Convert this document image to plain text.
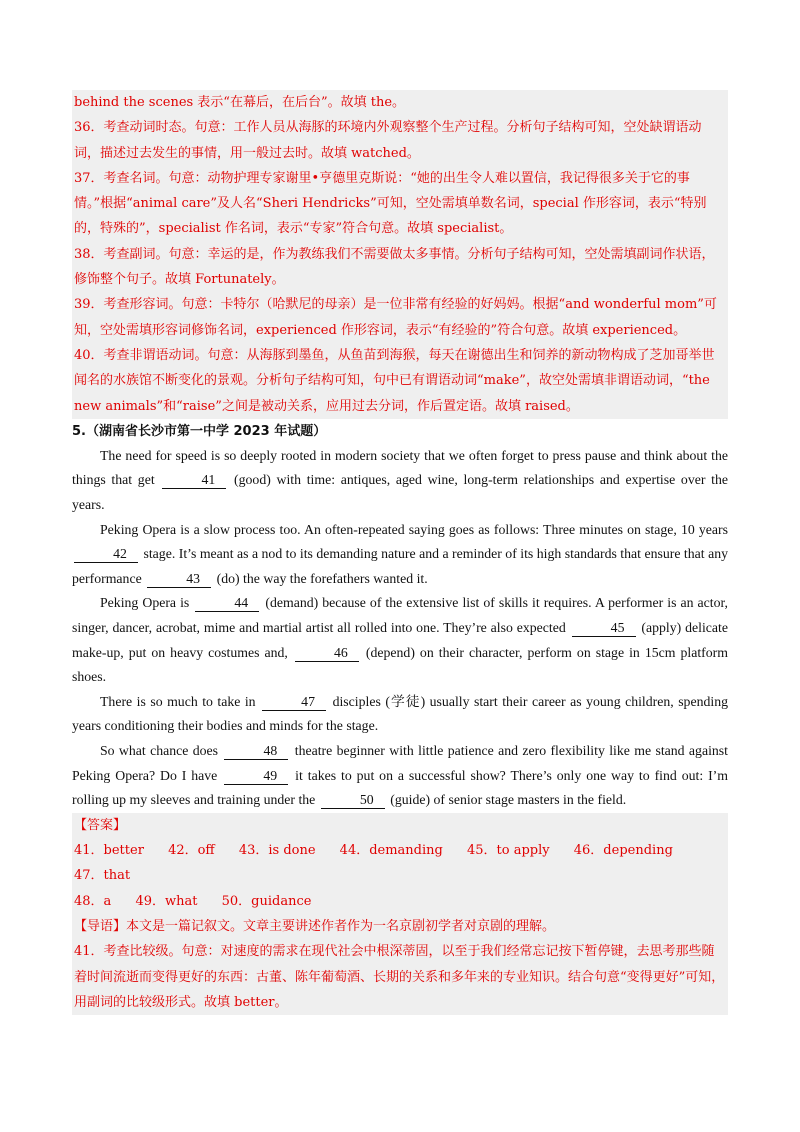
behind the scenes 表示“在幕后，在后台”。故填 the。

36．考查动词时态。句意：工作人员从海豚的环境内外观察整个生产过程。分析句子结构可知，空处缺谓语动词，描述过去发生的事情，用一般过去时。故填 watched。

37．考查名词。句意：动物护理专家谢里•亨德里克斯说：“她的出生令人难以置信，我记得很多关于它的事情。”根据“animal care”及人名“Sheri Hendricks”可知，空处需填单数名词，special 作形容词，表示“特别的，特殊的”，specialist 作名词，表示“专家”符合句意。故填 specialist。

38．考查副词。句意：幸运的是，作为教练我们不需要做太多事情。分析句子结构可知，空处需填副词作状语，修饰整个句子。故填 Fortunately。

39．考查形容词。句意：卡特尔（哈默尼的母亲）是一位非常有经验的好妈妈。根据“and wonderful mom”可知，空处需填形容词修饰名词，experienced 作形容词，表示“有经验的”符合句意。故填 experienced。

40．考查非谓语动词。句意：从海豚到墨鱼，从鱼苗到海猴，每天在谢德出生和饲养的新动物构成了芝加哥举世闻名的水族馆不断变化的景观。分析句子结构可知，句中已有谓语动词“make”，故空处需填非谓语动词，“the new animals”和“raise”之间是被动关系，应用过去分词，作后置定语。故填 raised。

5.（湖南省长沙市第一中学 2023 年试题）

The need for speed is so deeply rooted in modern society that we often forget to press pause and think about the things that get	41 (good) with time: antiques, aged wine, long-term relationships and expertise over the years.

Peking Opera is a slow process too. An often-repeated saying goes as follows: Three minutes on stage, 10 years 42 stage. It’s meant as a nod to its demanding nature and a reminder of its high standards that ensure that any performance	43 (do) the way the forefathers wanted it.

Peking Opera is	44 (demand) because of the extensive list of skills it requires. A performer is an actor, singer, dancer, acrobat, mime and martial artist all rolled into one. They’re also expected	45 (apply) delicate make-up, put on heavy costumes and,	46 (depend) on their character, perform on stage in 15cm platform shoes.

There is so much to take in	47 disciples (学徒) usually start their career as young children, spending years conditioning their bodies and minds for the stage.

So what chance does	48 theatre beginner with little patience and zero flexibility like me stand against Peking Opera? Do I have	49 it takes to put on a successful show? There’s only one way to find out: I’m rolling up my sleeves and training under the	50 (guide) of senior stage masters in the field.

【答案】

41．better 42．off 43．is done 44．demanding 45．to apply 46．depending 47．that

48．a 49．what 50．guidance

【导语】本文是一篇记叙文。文章主要讲述作者作为一名京剧初学者对京剧的理解。

41．考查比较级。句意：对速度的需求在现代社会中根深蒂固，以至于我们经常忘记按下暂停键，去思考那些随着时间流逝而变得更好的东西：古董、陈年葡萄酒、长期的关系和多年来的专业知识。结合句意“变得更好”可知，用副词的比较级形式。故填 better。
